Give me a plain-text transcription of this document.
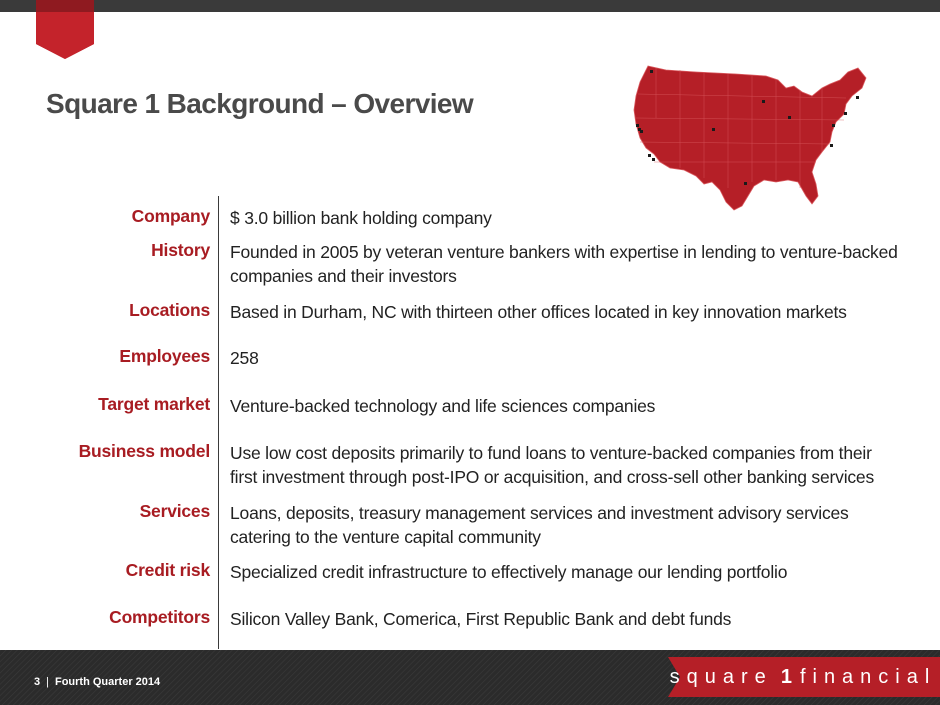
Square 1 Background – Overview
Company $ 3.0 billion bank holding company
History Founded in 2005 by veteran venture bankers with expertise in lending to venture-backed
companies and their investors
Locations Based in Durham, NC with thirteen other offices located in key innovation markets
Employees 258
Target market Venture-backed technology and life sciences companies
Business model Use low cost deposits primarily to fund loans to venture-backed companies from their
first investment through post-IPO or acquisition, and cross-sell other banking services
Services Loans, deposits, treasury management services and investment advisory services
catering to the venture capital community
Credit risk Specialized credit infrastructure to effectively manage our lending portfolio
Competitors Silicon Valley Bank, Comerica, First Republic Bank and debt funds
3 | Fourth Quarter 2014	square 1 financial
